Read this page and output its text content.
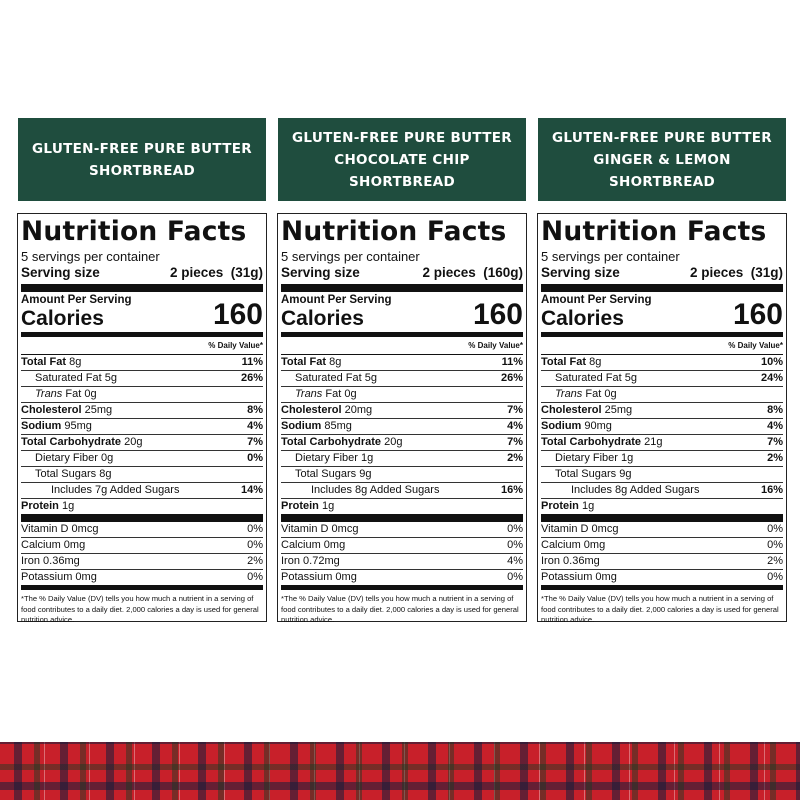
GLUTEN-FREE PURE BUTTER
SHORTBREAD
Nutrition Facts
5 servings per container
Serving size	2 pieces  (31g)
Amount Per Serving
Calories	160
% Daily Value*
Total Fat 8g	11%
Saturated Fat 5g	26%
Trans Fat 0g
Cholesterol 25mg	8%
Sodium 95mg	4%
Total Carbohydrate 20g	7%
Dietary Fiber 0g	0%
Total Sugars 8g
Includes 7g Added Sugars	14%
Protein 1g
Vitamin D 0mcg	0%
Calcium 0mg	0%
Iron 0.36mg	2%
Potassium 0mg	0%
*The % Daily Value (DV) tells you how much a nutrient in a serving of food contributes to a daily diet. 2,000 calories a day is used for general nutrition advice.
GLUTEN-FREE PURE BUTTER
CHOCOLATE CHIP
SHORTBREAD
Nutrition Facts
5 servings per container
Serving size	2 pieces  (160g)
Amount Per Serving
Calories	160
% Daily Value*
Total Fat 8g	11%
Saturated Fat 5g	26%
Trans Fat 0g
Cholesterol 20mg	7%
Sodium 85mg	4%
Total Carbohydrate 20g	7%
Dietary Fiber 1g	2%
Total Sugars 9g
Includes 8g Added Sugars	16%
Protein 1g
Vitamin D 0mcg	0%
Calcium 0mg	0%
Iron 0.72mg	4%
Potassium 0mg	0%
*The % Daily Value (DV) tells you how much a nutrient in a serving of food contributes to a daily diet. 2,000 calories a day is used for general nutrition advice.
GLUTEN-FREE PURE BUTTER
GINGER & LEMON
SHORTBREAD
Nutrition Facts
5 servings per container
Serving size	2 pieces  (31g)
Amount Per Serving
Calories	160
% Daily Value*
Total Fat 8g	10%
Saturated Fat 5g	24%
Trans Fat 0g
Cholesterol 25mg	8%
Sodium 90mg	4%
Total Carbohydrate 21g	7%
Dietary Fiber 1g	2%
Total Sugars 9g
Includes 8g Added Sugars	16%
Protein 1g
Vitamin D 0mcg	0%
Calcium 0mg	0%
Iron 0.36mg	2%
Potassium 0mg	0%
*The % Daily Value (DV) tells you how much a nutrient in a serving of food contributes to a daily diet. 2,000 calories a day is used for general nutrition advice.
